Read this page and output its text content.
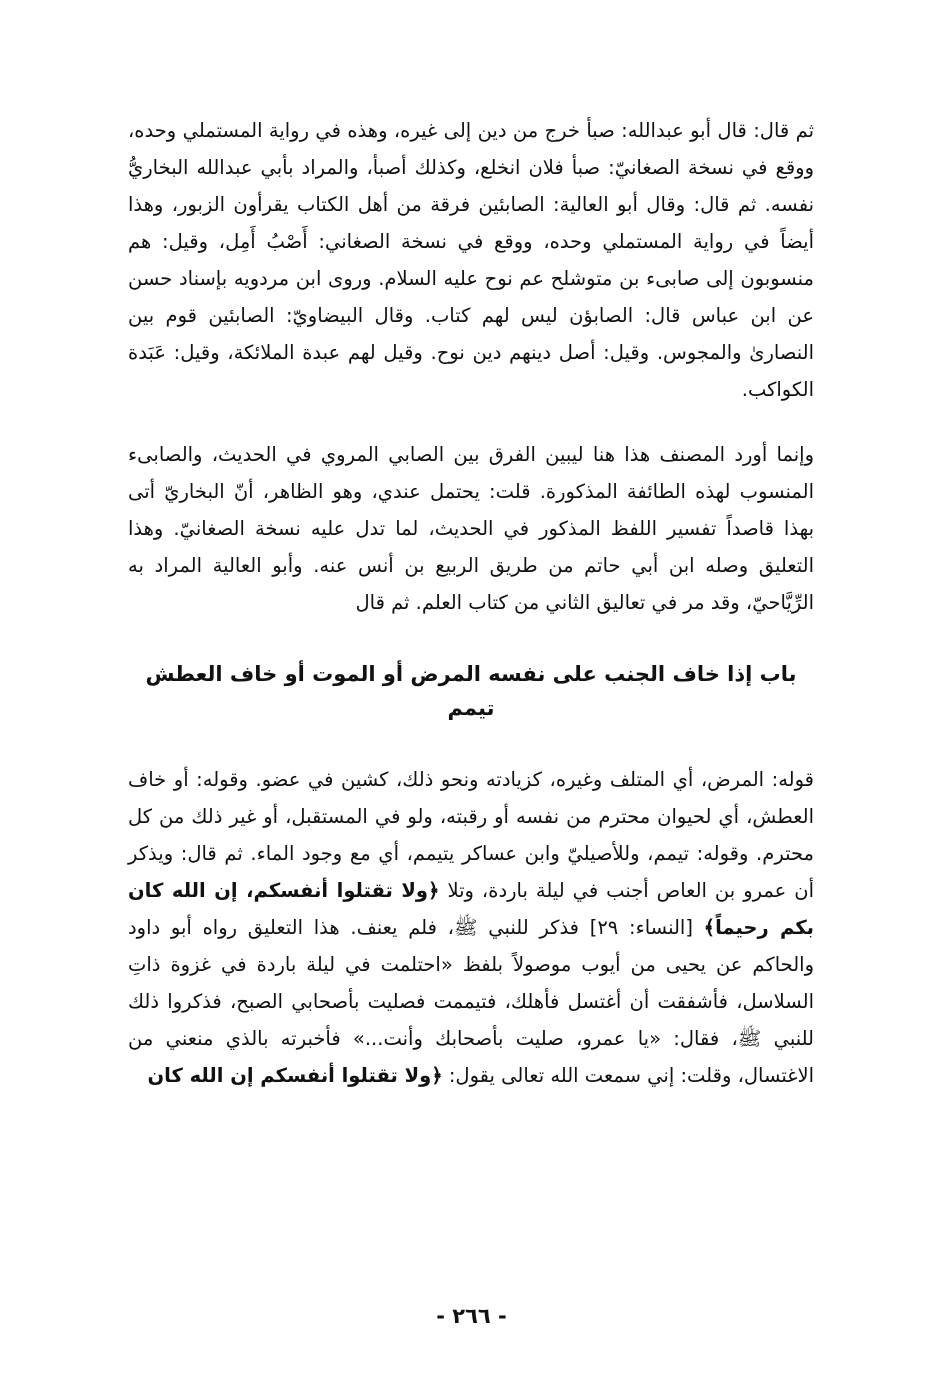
ثم قال: قال أبو عبدالله: صبأ خرج من دين إلى غيره، وهذه في رواية المستملي وحده، ووقع في نسخة الصغانيّ: صبأ فلان انخلع، وكذلك أصبأ، والمراد بأبي عبدالله البخاريُّ نفسه. ثم قال: وقال أبو العالية: الصابئين فرقة من أهل الكتاب يقرأون الزبور، وهذا أيضاً في رواية المستملي وحده، ووقع في نسخة الصغاني: أَصْبُ أَمِل، وقيل: هم منسوبون إلى صابىء بن متوشلح عم نوح عليه السلام. وروى ابن مردويه بإسناد حسن عن ابن عباس قال: الصابؤن ليس لهم كتاب. وقال البيضاويّ: الصابئين قوم بين النصارىٰ والمجوس. وقيل: أصل دينهم دين نوح. وقيل لهم عبدة الملائكة، وقيل: عَبَدة الكواكب.

وإنما أورد المصنف هذا هنا ليبين الفرق بين الصابي المروي في الحديث، والصابىء المنسوب لهذه الطائفة المذكورة. قلت: يحتمل عندي، وهو الظاهر، أنّ البخاريّ أتى بهذا قاصداً تفسير اللفظ المذكور في الحديث، لما تدل عليه نسخة الصغانيّ. وهذا التعليق وصله ابن أبي حاتم من طريق الربيع بن أنس عنه. وأبو العالية المراد به الرِّيَّاحيّ، وقد مر في تعاليق الثاني من كتاب العلم. ثم قال

باب إذا خاف الجنب على نفسه المرض أو الموت أو خاف العطش تيمم

قوله: المرض، أي المتلف وغيره، كزيادته ونحو ذلك، كشين في عضو. وقوله: أو خاف العطش، أي لحيوان محترم من نفسه أو رقبته، ولو في المستقبل، أو غير ذلك من كل محترم. وقوله: تيمم، وللأصيليّ وابن عساكر يتيمم، أي مع وجود الماء. ثم قال: ويذكر أن عمرو بن العاص أجنب في ليلة باردة، وتلا ﴿ولا تقتلوا أنفسكم، إن الله كان بكم رحيماً﴾ [النساء: ٢٩] فذكر للنبي ﷺ، فلم يعنف. هذا التعليق رواه أبو داود والحاكم عن يحيى من أيوب موصولاً بلفظ «احتلمت في ليلة باردة في غزوة ذاتِ السلاسل، فأشفقت أن أغتسل فأهلك، فتيممت فصليت بأصحابي الصبح، فذكروا ذلك للنبي ﷺ، فقال: «يا عمرو، صليت بأصحابك وأنت...» فأخبرته بالذي منعني من الاغتسال، وقلت: إني سمعت الله تعالى يقول: ﴿ولا تقتلوا أنفسكم إن الله كان

- ٢٦٦ -
